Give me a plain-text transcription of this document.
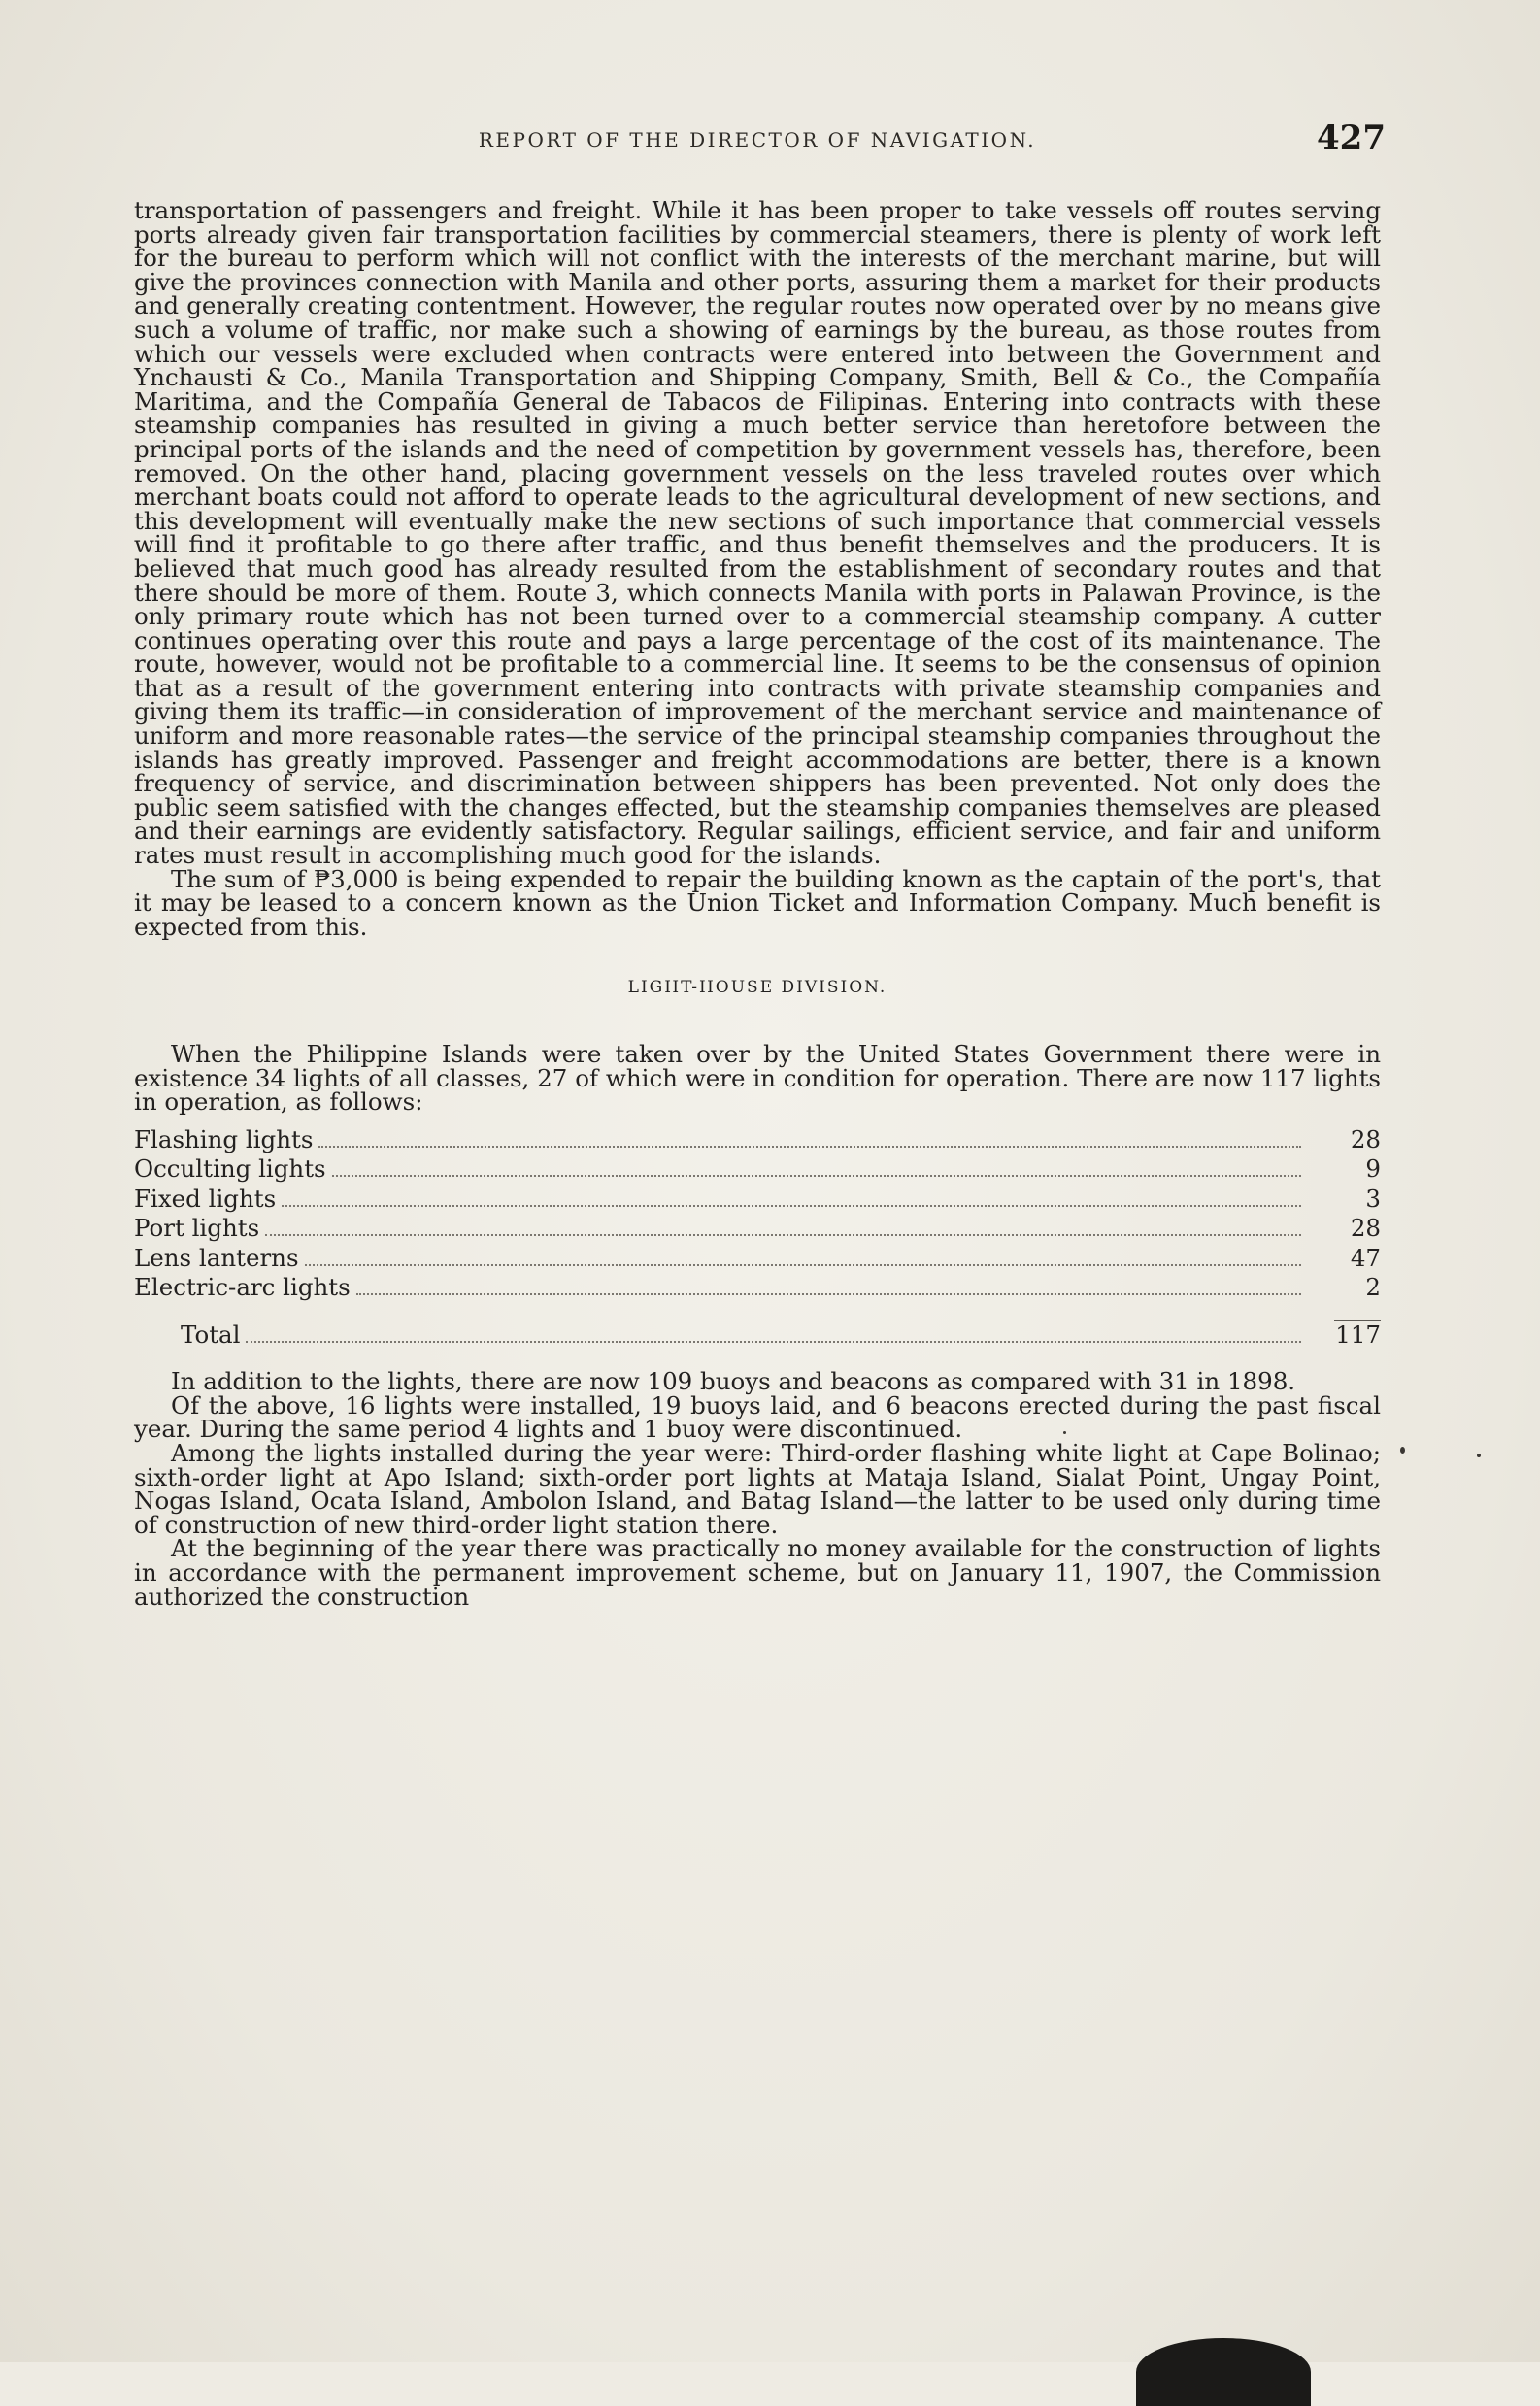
REPORT OF THE DIRECTOR OF NAVIGATION.	427

transportation of passengers and freight. While it has been proper to take vessels off routes serving ports already given fair transportation facilities by commercial steamers, there is plenty of work left for the bureau to perform which will not conflict with the interests of the merchant marine, but will give the provinces connection with Manila and other ports, assuring them a market for their products and generally creating contentment. However, the regular routes now operated over by no means give such a volume of traffic, nor make such a showing of earnings by the bureau, as those routes from which our vessels were excluded when contracts were entered into between the Government and Ynchausti & Co., Manila Transportation and Shipping Company, Smith, Bell & Co., the Compañía Maritima, and the Compañía General de Tabacos de Filipinas. Entering into contracts with these steamship companies has resulted in giving a much better service than heretofore between the principal ports of the islands and the need of competition by government vessels has, therefore, been removed. On the other hand, placing government vessels on the less traveled routes over which merchant boats could not afford to operate leads to the agricultural development of new sections, and this development will eventually make the new sections of such importance that commercial vessels will find it profitable to go there after traffic, and thus benefit themselves and the producers. It is believed that much good has already resulted from the establishment of secondary routes and that there should be more of them. Route 3, which connects Manila with ports in Palawan Province, is the only primary route which has not been turned over to a commercial steamship company. A cutter continues operating over this route and pays a large percentage of the cost of its maintenance. The route, however, would not be profitable to a commercial line. It seems to be the consensus of opinion that as a result of the government entering into contracts with private steamship companies and giving them its traffic—in consideration of improvement of the merchant service and maintenance of uniform and more reasonable rates—the service of the principal steamship companies throughout the islands has greatly improved. Passenger and freight accommodations are better, there is a known frequency of service, and discrimination between shippers has been prevented. Not only does the public seem satisfied with the changes effected, but the steamship companies themselves are pleased and their earnings are evidently satisfactory. Regular sailings, efficient service, and fair and uniform rates must result in accomplishing much good for the islands.

The sum of ₱3,000 is being expended to repair the building known as the captain of the port's, that it may be leased to a concern known as the Union Ticket and Information Company. Much benefit is expected from this.

LIGHT-HOUSE DIVISION.

When the Philippine Islands were taken over by the United States Government there were in existence 34 lights of all classes, 27 of which were in condition for operation. There are now 117 lights in operation, as follows:

Flashing lights	28
Occulting lights	9
Fixed lights	3
Port lights	28
Lens lanterns	47
Electric-arc lights	2
Total	117

In addition to the lights, there are now 109 buoys and beacons as compared with 31 in 1898.

Of the above, 16 lights were installed, 19 buoys laid, and 6 beacons erected during the past fiscal year. During the same period 4 lights and 1 buoy were discontinued.

Among the lights installed during the year were: Third-order flashing white light at Cape Bolinao; sixth-order light at Apo Island; sixth-order port lights at Mataja Island, Sialat Point, Ungay Point, Nogas Island, Ocata Island, Ambolon Island, and Batag Island—the latter to be used only during time of construction of new third-order light station there.

At the beginning of the year there was practically no money available for the construction of lights in accordance with the permanent improvement scheme, but on January 11, 1907, the Commission authorized the construction
